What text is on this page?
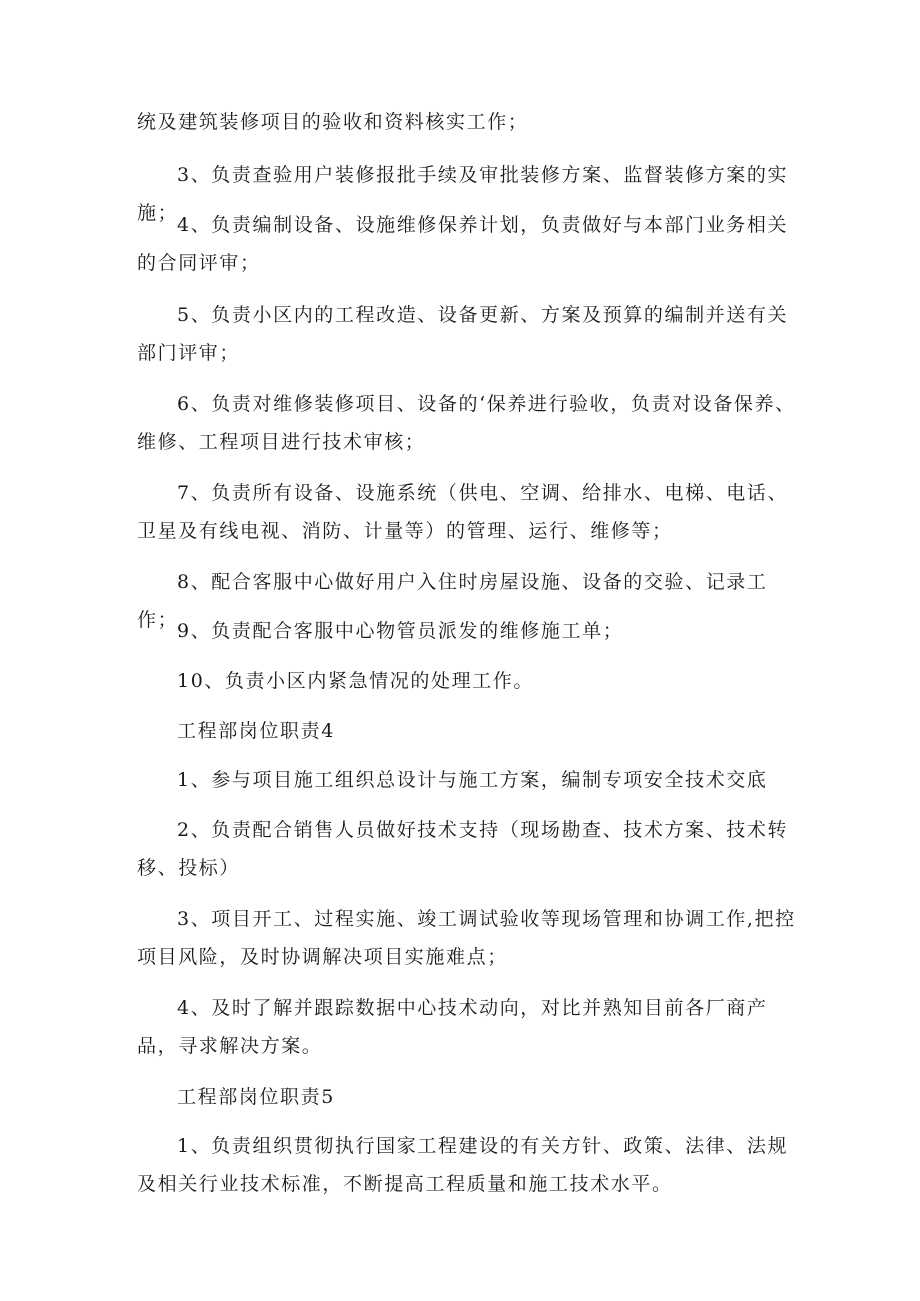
统及建筑装修项目的验收和资料核实工作；

3、负责查验用户装修报批手续及审批装修方案、监督装修方案的实施；

4、负责编制设备、设施维修保养计划，负责做好与本部门业务相关的合同评审；

5、负责小区内的工程改造、设备更新、方案及预算的编制并送有关部门评审；

6、负责对维修装修项目、设备的‘保养进行验收，负责对设备保养、维修、工程项目进行技术审核；

7、负责所有设备、设施系统（供电、空调、给排水、电梯、电话、卫星及有线电视、消防、计量等）的管理、运行、维修等；

8、配合客服中心做好用户入住时房屋设施、设备的交验、记录工作；

9、负责配合客服中心物管员派发的维修施工单；

10、负责小区内紧急情况的处理工作。

工程部岗位职责4

1、参与项目施工组织总设计与施工方案，编制专项安全技术交底

2、负责配合销售人员做好技术支持（现场勘查、技术方案、技术转移、投标）

3、项目开工、过程实施、竣工调试验收等现场管理和协调工作,把控项目风险，及时协调解决项目实施难点；

4、及时了解并跟踪数据中心技术动向，对比并熟知目前各厂商产品，寻求解决方案。

工程部岗位职责5

1、负责组织贯彻执行国家工程建设的有关方针、政策、法律、法规及相关行业技术标准，不断提高工程质量和施工技术水平。
